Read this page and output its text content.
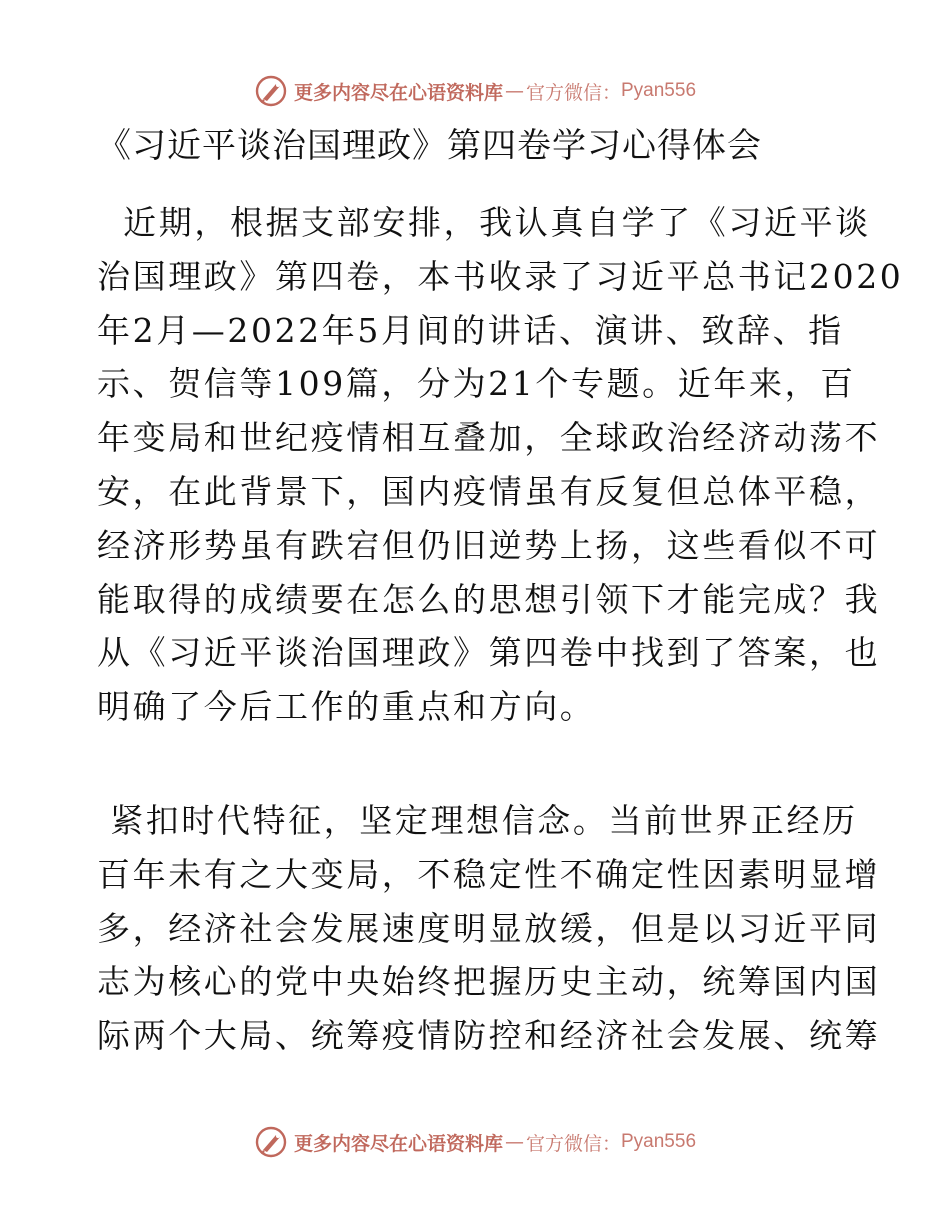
更多内容尽在心语资料库 — 官方微信： Pyan556
《习近平谈治国理政》第四卷学习心得体会

近期，根据支部安排，我认真自学了《习近平谈
治国理政》第四卷，本书收录了习近平总书记2020
年2月—2022年5月间的讲话、演讲、致辞、指
示、贺信等109篇，分为21个专题。近年来，百
年变局和世纪疫情相互叠加，全球政治经济动荡不
安，在此背景下，国内疫情虽有反复但总体平稳，
经济形势虽有跌宕但仍旧逆势上扬，这些看似不可
能取得的成绩要在怎么的思想引领下才能完成？我
从《习近平谈治国理政》第四卷中找到了答案，也
明确了今后工作的重点和方向。

紧扣时代特征，坚定理想信念。当前世界正经历
百年未有之大变局，不稳定性不确定性因素明显增
多，经济社会发展速度明显放缓，但是以习近平同
志为核心的党中央始终把握历史主动，统筹国内国
际两个大局、统筹疫情防控和经济社会发展、统筹

更多内容尽在心语资料库 — 官方微信： Pyan556
